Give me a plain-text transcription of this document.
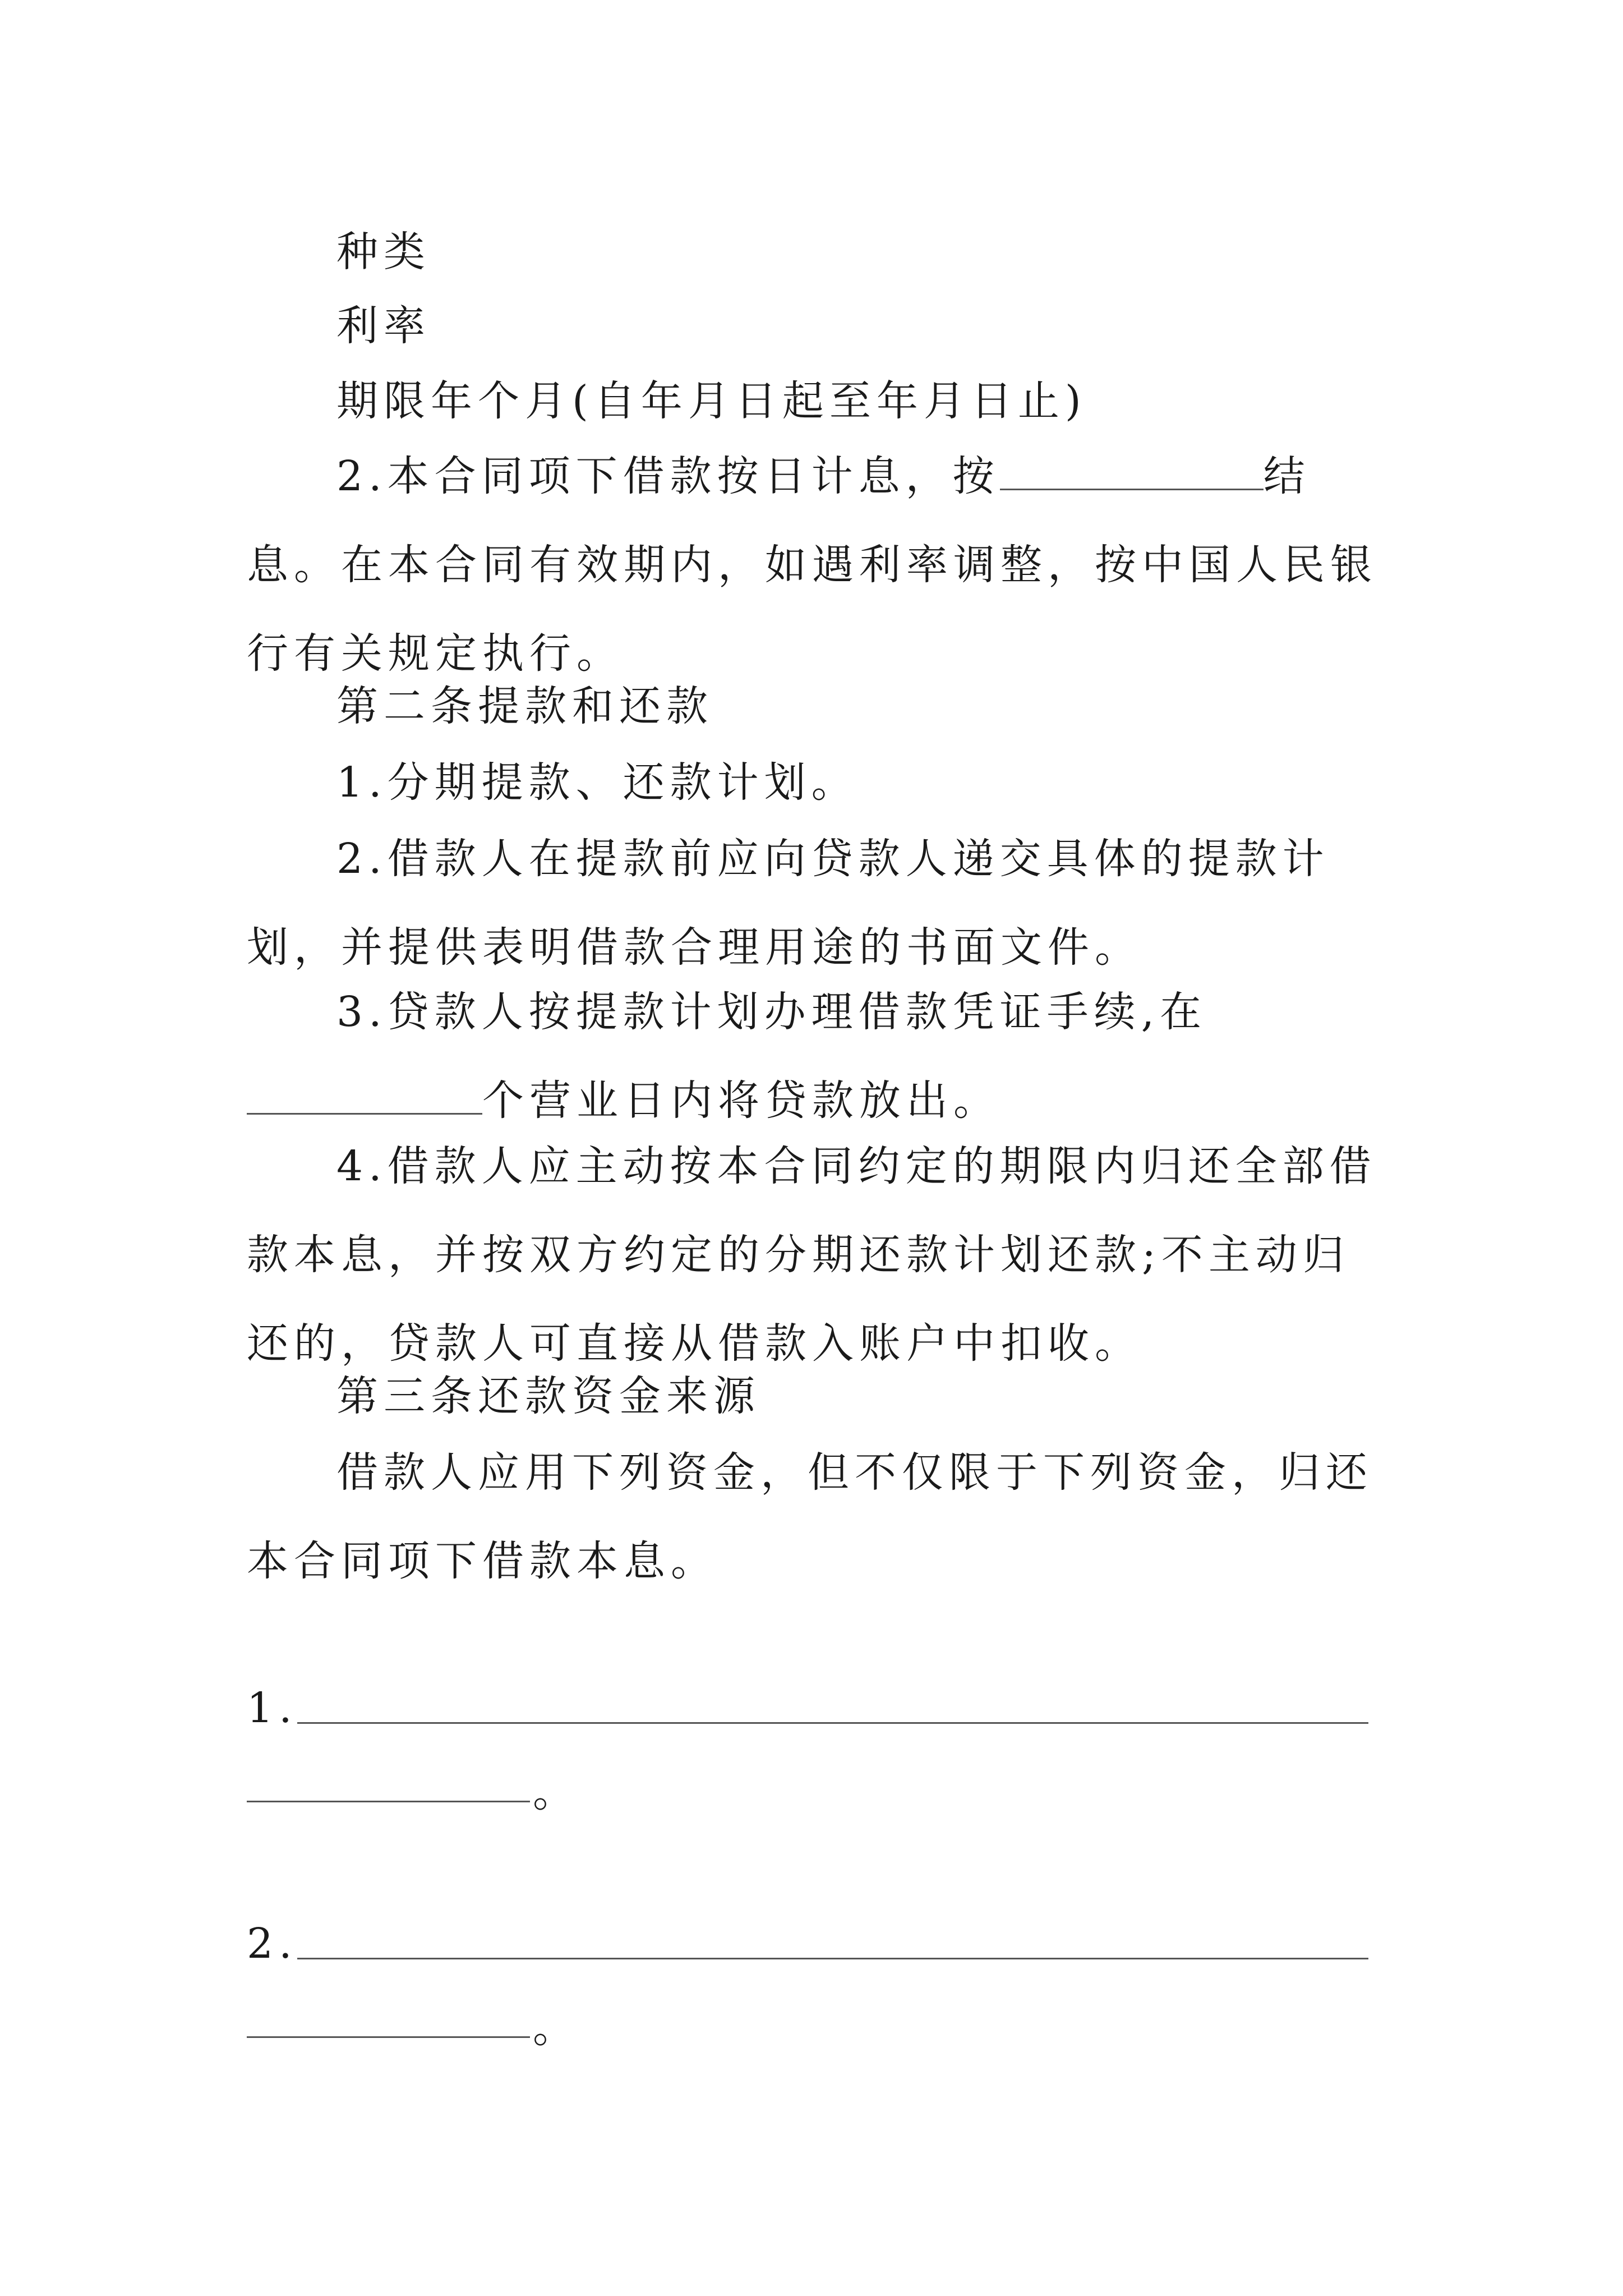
种类

利率

期限年个月(自年月日起至年月日止)

2.本合同项下借款按日计息，按	结息。在本合同有效期内，如遇利率调整，按中国人民银行有关规定执行。

第二条提款和还款

1.分期提款、还款计划。

2.借款人在提款前应向贷款人递交具体的提款计划，并提供表明借款合理用途的书面文件。

3.贷款人按提款计划办理借款凭证手续,在个营业日内将贷款放出。

4.借款人应主动按本合同约定的期限内归还全部借款本息，并按双方约定的分期还款计划还款;不主动归还的，贷款人可直接从借款入账户中扣收。

第三条还款资金来源

借款人应用下列资金，但不仅限于下列资金，归还本合同项下借款本息。

1.
。
2.
。
